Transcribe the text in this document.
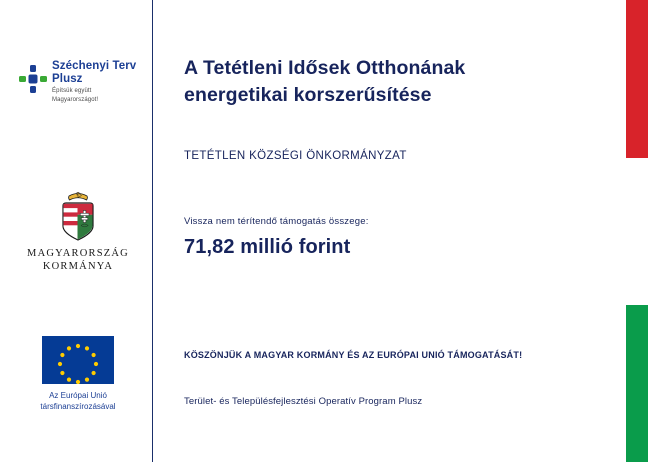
Széchenyi Terv
Plusz
Építsük együtt
Magyarországot!
MAGYARORSZÁG
KORMÁNYA
Az Európai Unió
társfinanszírozásával
A Tetétleni Idősek Otthonának
energetikai korszerűsítése
TETÉTLEN KÖZSÉGI ÖNKORMÁNYZAT
Vissza nem térítendő támogatás összege:
71,82 millió forint
KÖSZÖNJÜK A MAGYAR KORMÁNY ÉS AZ EURÓPAI UNIÓ TÁMOGATÁSÁT!
Terület- és Településfejlesztési Operatív Program Plusz
